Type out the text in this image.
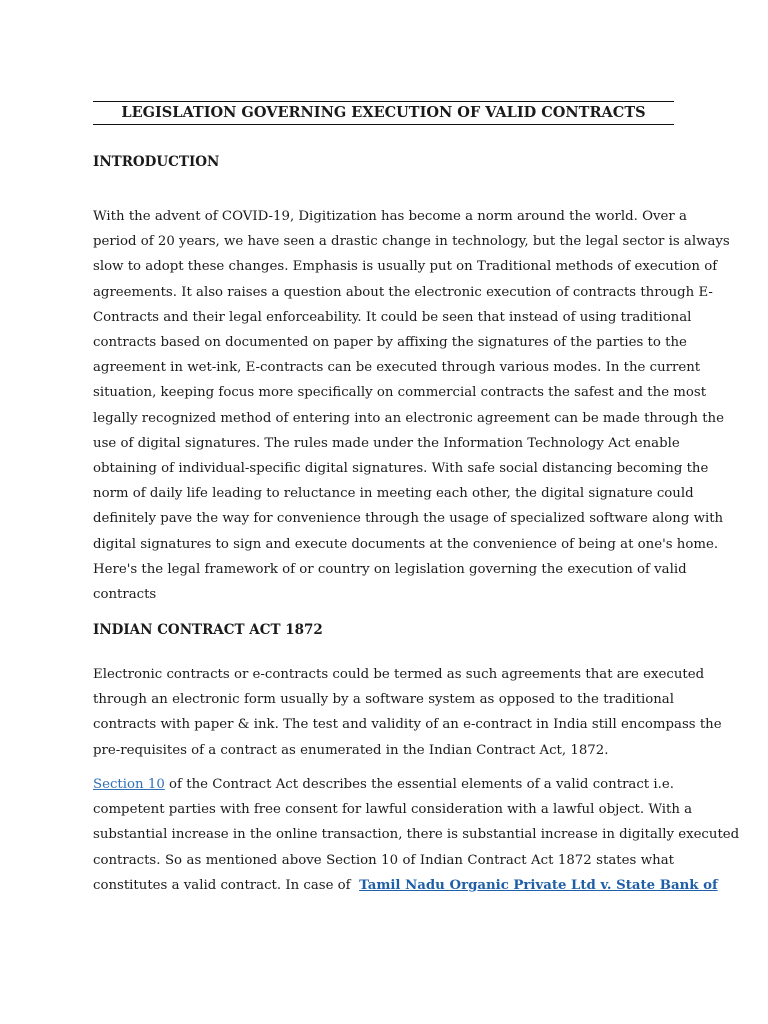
LEGISLATION GOVERNING EXECUTION OF VALID CONTRACTS
INTRODUCTION
With the advent of COVID-19, Digitization has become a norm around the world. Over a
period of 20 years, we have seen a drastic change in technology, but the legal sector is always
slow to adopt these changes. Emphasis is usually put on Traditional methods of execution of
agreements. It also raises a question about the electronic execution of contracts through E-
Contracts and their legal enforceability. It could be seen that instead of using traditional
contracts based on documented on paper by affixing the signatures of the parties to the
agreement in wet-ink, E-contracts can be executed through various modes. In the current
situation, keeping focus more specifically on commercial contracts the safest and the most
legally recognized method of entering into an electronic agreement can be made through the
use of digital signatures. The rules made under the Information Technology Act enable
obtaining of individual-specific digital signatures. With safe social distancing becoming the
norm of daily life leading to reluctance in meeting each other, the digital signature could
definitely pave the way for convenience through the usage of specialized software along with
digital signatures to sign and execute documents at the convenience of being at one's home.
Here's the legal framework of or country on legislation governing the execution of valid
contracts
INDIAN CONTRACT ACT 1872
Electronic contracts or e-contracts could be termed as such agreements that are executed
through an electronic form usually by a software system as opposed to the traditional
contracts with paper & ink. The test and validity of an e-contract in India still encompass the
pre-requisites of a contract as enumerated in the Indian Contract Act, 1872.
Section 10 of the Contract Act describes the essential elements of a valid contract i.e.
competent parties with free consent for lawful consideration with a lawful object. With a
substantial increase in the online transaction, there is substantial increase in digitally executed
contracts. So as mentioned above Section 10 of Indian Contract Act 1872 states what
constitutes a valid contract. In case of Tamil Nadu Organic Private Ltd v. State Bank of
